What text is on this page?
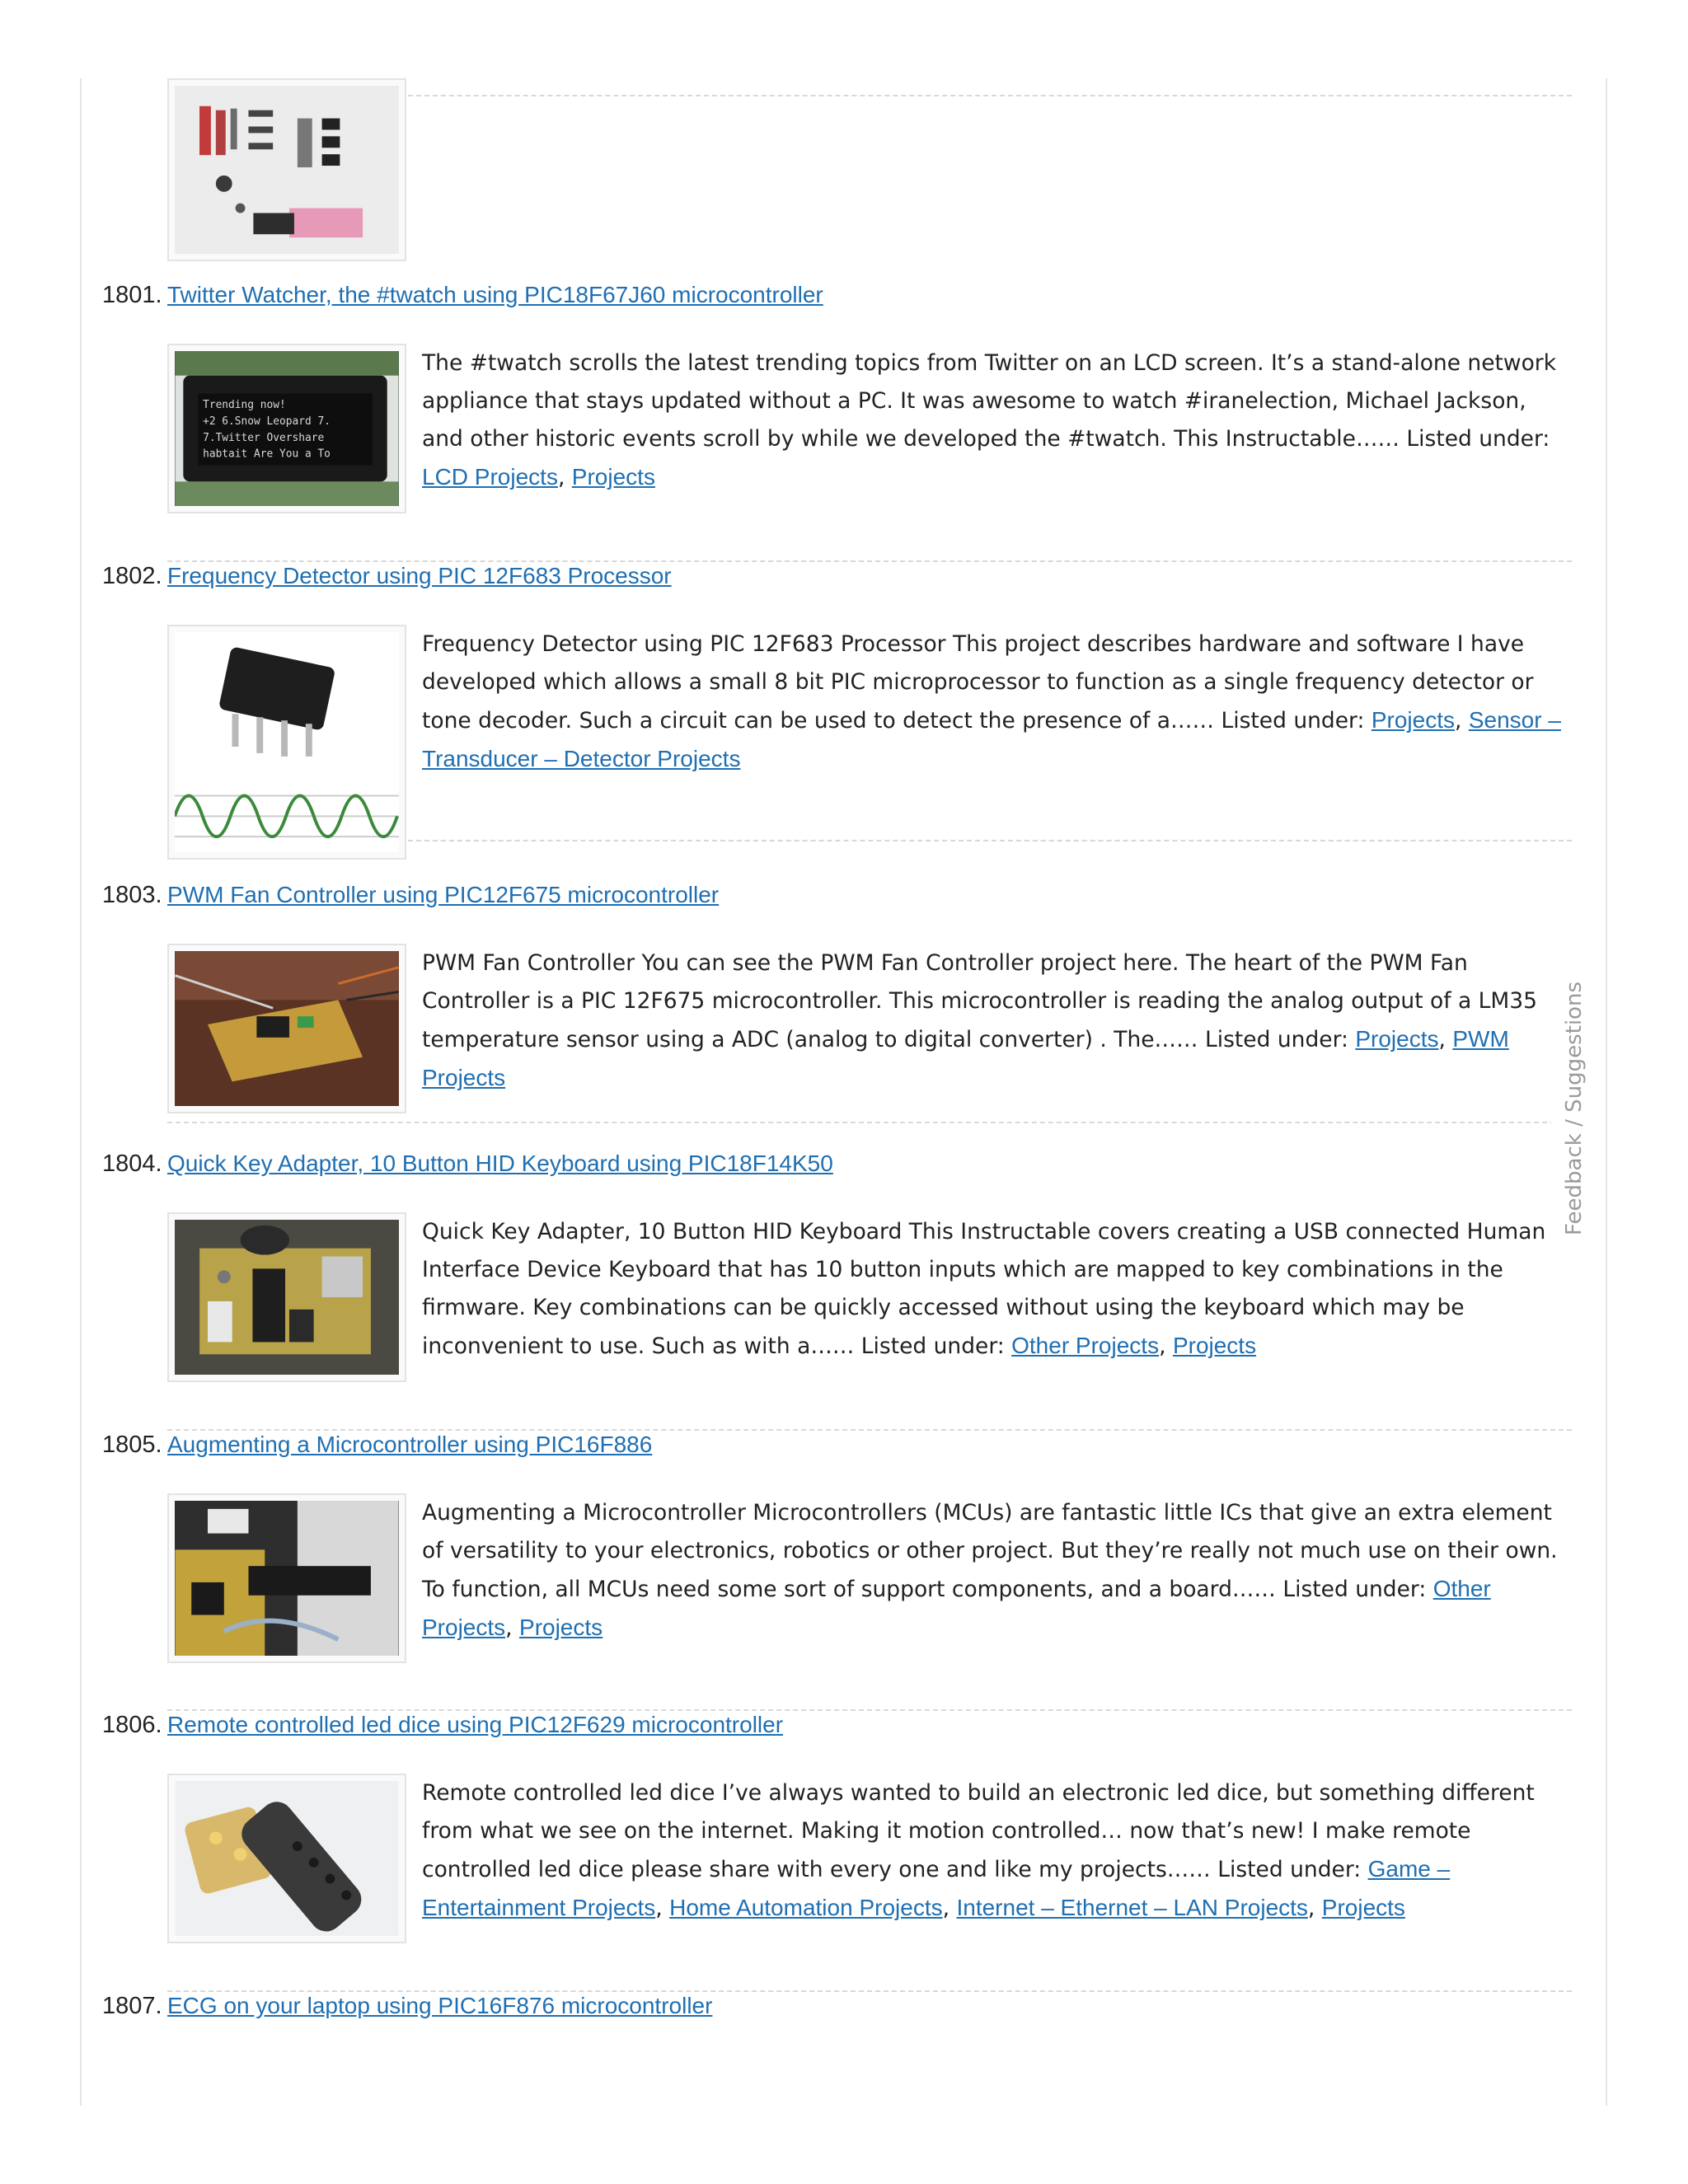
1801. Twitter Watcher, the #twatch using PIC18F67J60 microcontroller
Trending now!
+2 6.Snow Leopard 7.
7.Twitter Overshare
habtait Are You a To
The #twatch scrolls the latest trending topics from Twitter on an LCD screen. It’s a stand-alone network appliance that stays updated without a PC. It was awesome to watch #iranelection, Michael Jackson, and other historic events scroll by while we developed the #twatch. This Instructable…… Listed under: LCD Projects, Projects
1802. Frequency Detector using PIC 12F683 Processor
Frequency Detector using PIC 12F683 Processor This project describes hardware and software I have developed which allows a small 8 bit PIC microprocessor to function as a single frequency detector or tone decoder. Such a circuit can be used to detect the presence of a…… Listed under: Projects, Sensor – Transducer – Detector Projects
1803. PWM Fan Controller using PIC12F675 microcontroller
PWM Fan Controller You can see the PWM Fan Controller project here. The heart of the PWM Fan Controller is a PIC 12F675 microcontroller. This microcontroller is reading the analog output of a LM35 temperature sensor using a ADC (analog to digital converter) . The…… Listed under: Projects, PWM Projects
1804. Quick Key Adapter, 10 Button HID Keyboard using PIC18F14K50
Quick Key Adapter, 10 Button HID Keyboard This Instructable covers creating a USB connected Human Interface Device Keyboard that has 10 button inputs which are mapped to key combinations in the firmware. Key combinations can be quickly accessed without using the keyboard which may be inconvenient to use. Such as with a…… Listed under: Other Projects, Projects
1805. Augmenting a Microcontroller using PIC16F886
Augmenting a Microcontroller Microcontrollers (MCUs) are fantastic little ICs that give an extra element of versatility to your electronics, robotics or other project. But they’re really not much use on their own. To function, all MCUs need some sort of support components, and a board…… Listed under: Other Projects, Projects
1806. Remote controlled led dice using PIC12F629 microcontroller
Remote controlled led dice I’ve always wanted to build an electronic led dice, but something different from what we see on the internet. Making it motion controlled… now that’s new! I make remote controlled led dice please share with every one and like my projects…… Listed under: Game – Entertainment Projects, Home Automation Projects, Internet – Ethernet – LAN Projects, Projects
1807. ECG on your laptop using PIC16F876 microcontroller
Feedback / Suggestions
